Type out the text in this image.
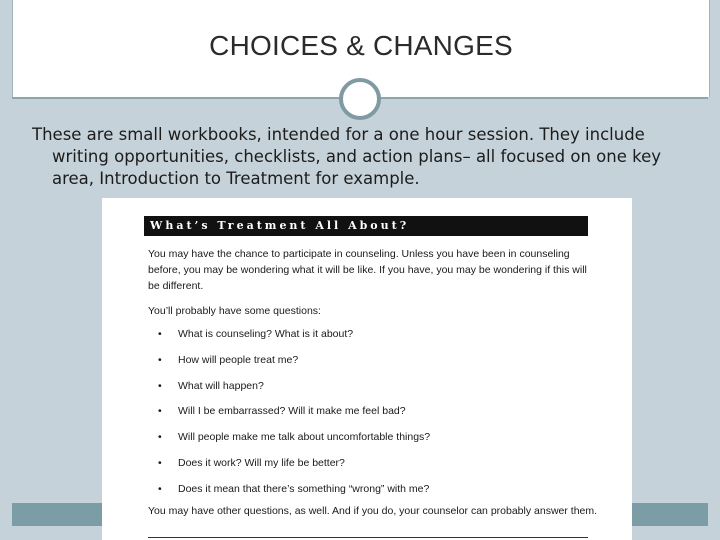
CHOICES & CHANGES
These are small workbooks, intended for a one hour session. They include writing opportunities, checklists, and action plans– all focused on one key area, Introduction to Treatment for example.
What’s Treatment All About?
You may have the chance to participate in counseling. Unless you have been in counseling before, you may be wondering what it will be like. If you have, you may be wondering if this will be different.
You’ll probably have some questions:
• What is counseling? What is it about?
• How will people treat me?
• What will happen?
• Will I be embarrassed? Will it make me feel bad?
• Will people make me talk about uncomfortable things?
• Does it work? Will my life be better?
• Does it mean that there’s something “wrong” with me?
You may have other questions, as well. And if you do, your counselor can probably answer them.
